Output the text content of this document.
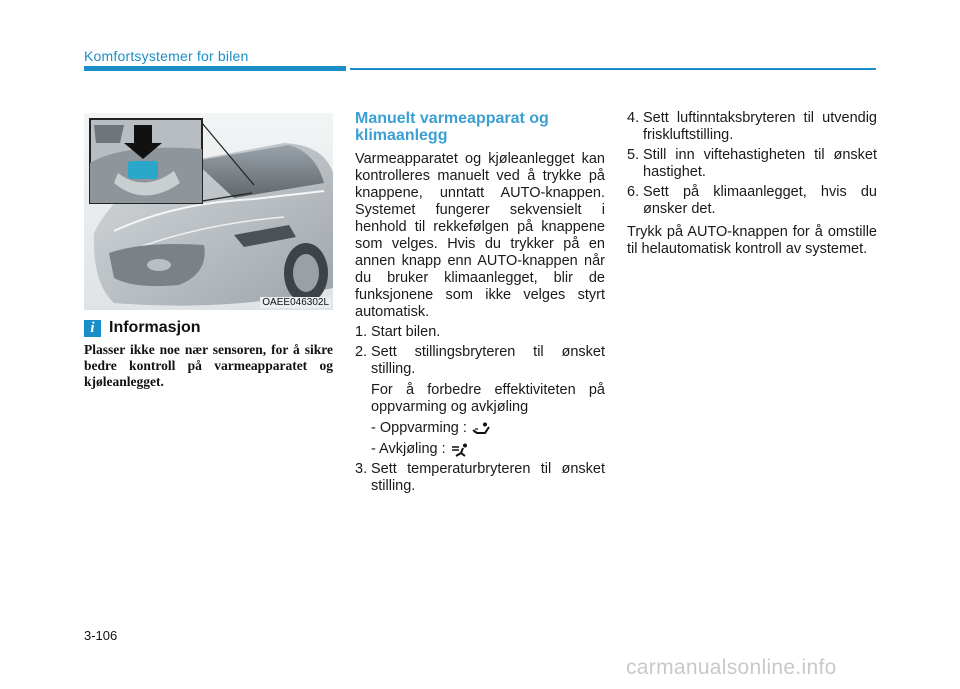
Komfortsystemer for bilen
OAEE046302L
i Informasjon

Plasser ikke noe nær sensoren, for å sikre bedre kontroll på varmeapparatet og kjøleanlegget.

Manuelt varmeapparat og klimaanlegg

Varmeapparatet og kjøleanlegget kan kontrolleres manuelt ved å trykke på knappene, unntatt AUTO-knappen. Systemet fungerer sekvensielt i henhold til rekkefølgen på knappene som velges. Hvis du trykker på en annen knapp enn AUTO-knappen når du bruker klimaanlegget, blir de funksjonene som ikke velges styrt automatisk.

1. Start bilen.
2. Sett stillingsbryteren til ønsket stilling.
For å forbedre effektiviteten på oppvarming og avkjøling
- Oppvarming :
- Avkjøling :
3. Sett temperaturbryteren til ønsket stilling.
4. Sett luftinntaksbryteren til utvendig friskluftstilling.
5. Still inn viftehastigheten til ønsket hastighet.
6. Sett på klimaanlegget, hvis du ønsker det.

Trykk på AUTO-knappen for å omstille til helautomatisk kontroll av systemet.

3-106
carmanualsonline.info
